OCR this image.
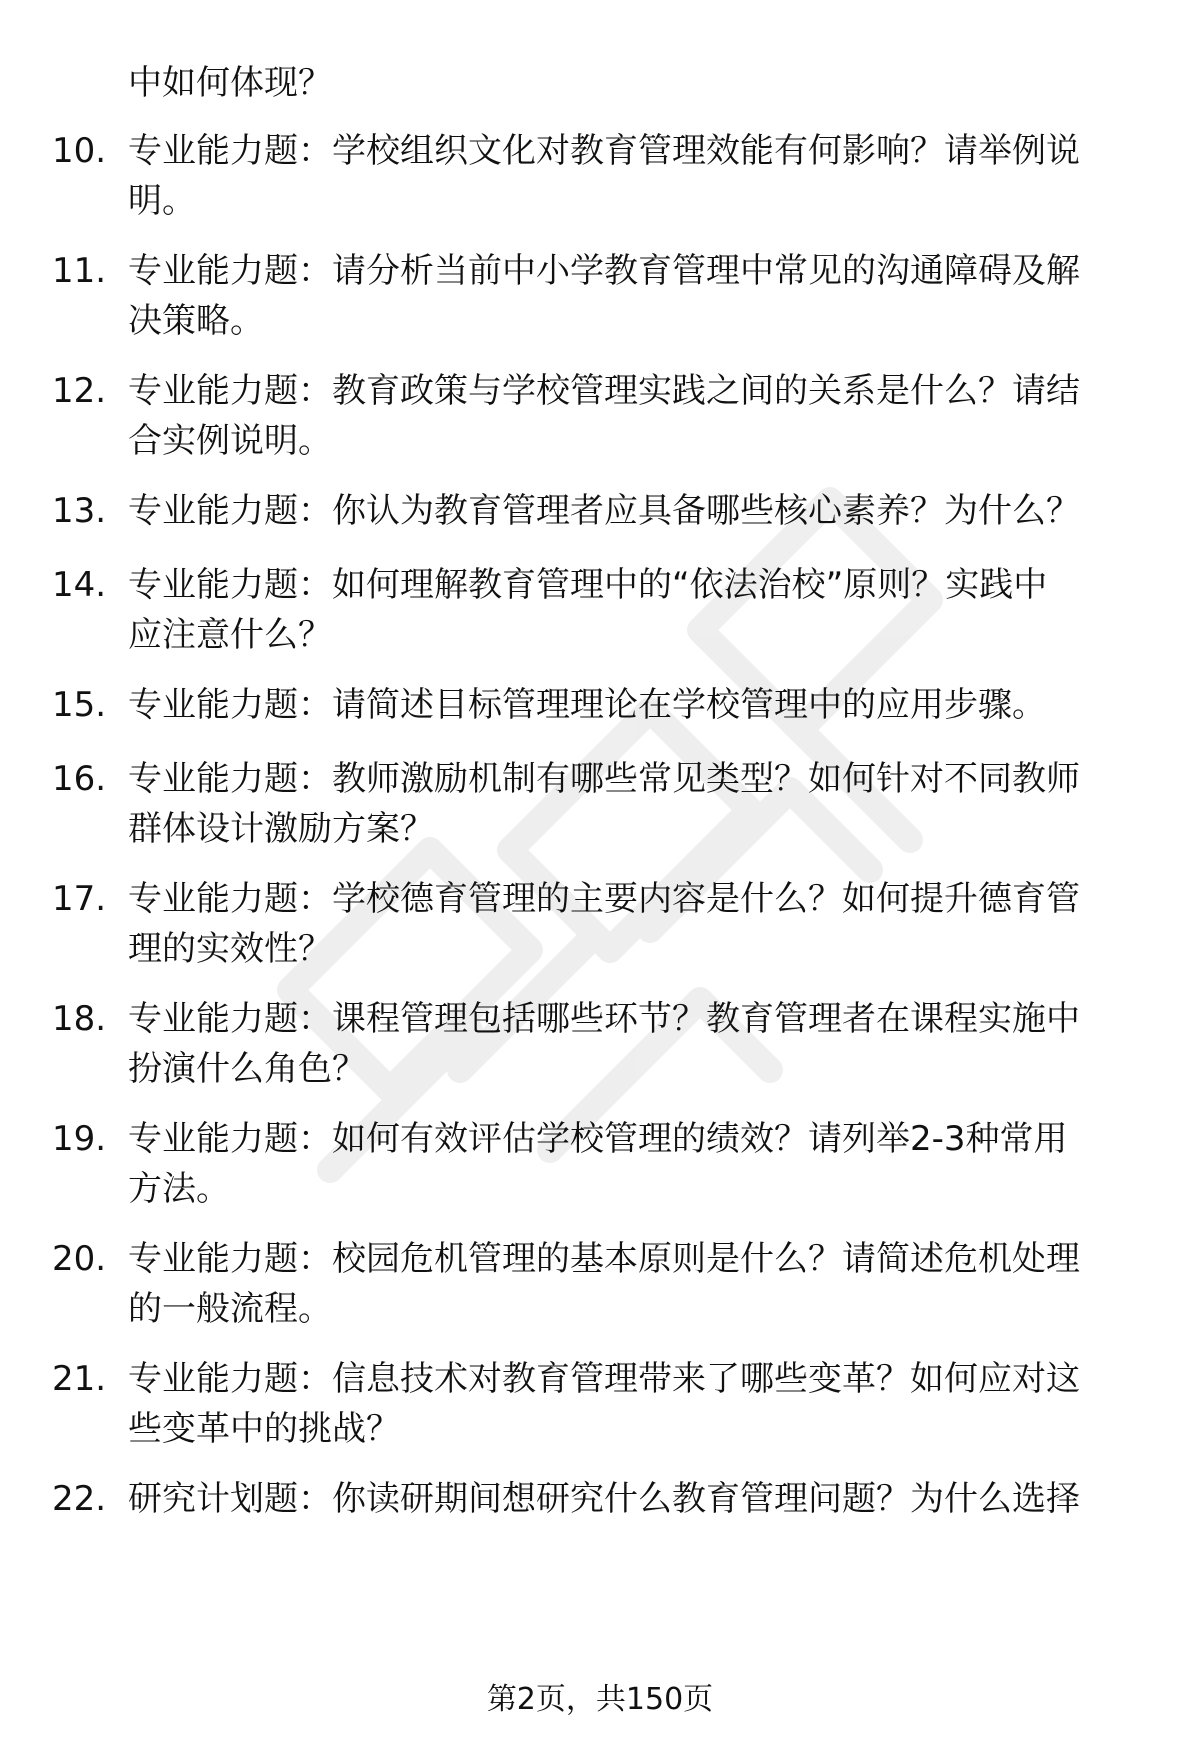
中如何体现？
10. 专业能力题：学校组织文化对教育管理效能有何影响？请举例说
明。
11. 专业能力题：请分析当前中小学教育管理中常见的沟通障碍及解
决策略。
12. 专业能力题：教育政策与学校管理实践之间的关系是什么？请结
合实例说明。
13. 专业能力题：你认为教育管理者应具备哪些核心素养？为什么？
14. 专业能力题：如何理解教育管理中的“依法治校”原则？实践中
应注意什么？
15. 专业能力题：请简述目标管理理论在学校管理中的应用步骤。
16. 专业能力题：教师激励机制有哪些常见类型？如何针对不同教师
群体设计激励方案？
17. 专业能力题：学校德育管理的主要内容是什么？如何提升德育管
理的实效性？
18. 专业能力题：课程管理包括哪些环节？教育管理者在课程实施中
扮演什么角色？
19. 专业能力题：如何有效评估学校管理的绩效？请列举2-3种常用
方法。
20. 专业能力题：校园危机管理的基本原则是什么？请简述危机处理
的一般流程。
21. 专业能力题：信息技术对教育管理带来了哪些变革？如何应对这
些变革中的挑战？
22. 研究计划题：你读研期间想研究什么教育管理问题？为什么选择
第2页，共150页
